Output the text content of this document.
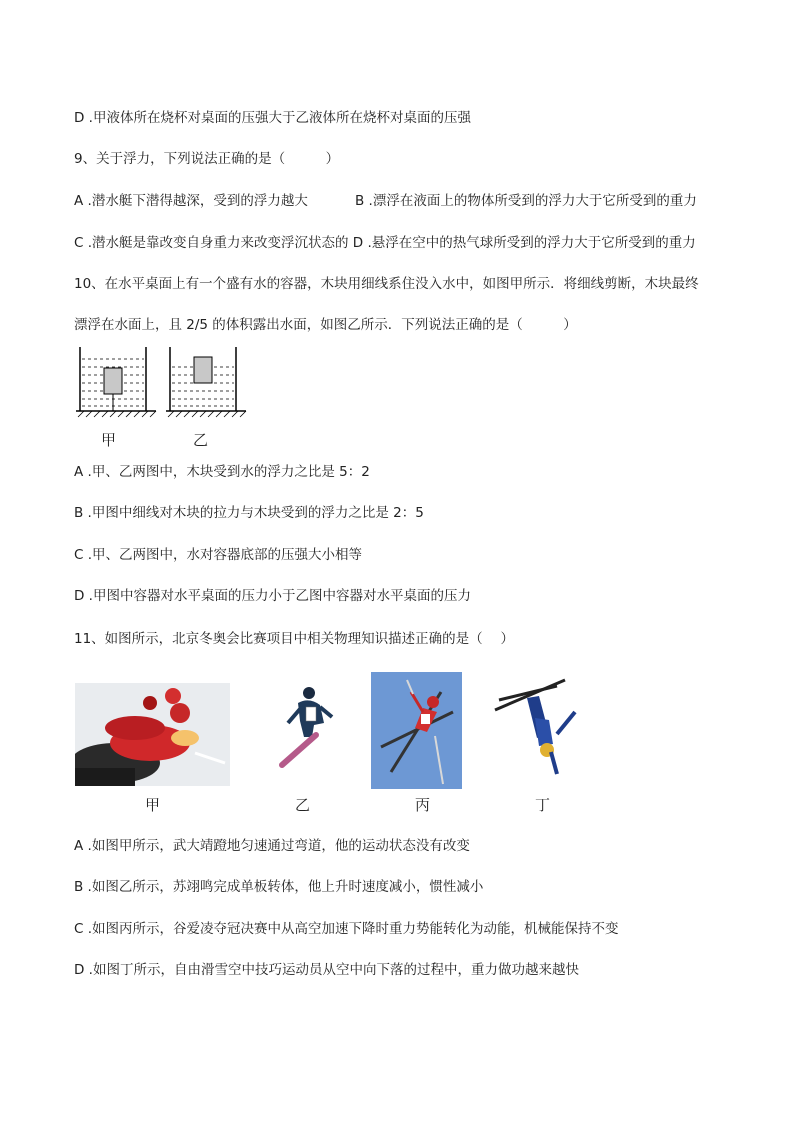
D .甲液体所在烧杯对桌面的压强大于乙液体所在烧杯对桌面的压强
9、关于浮力，下列说法正确的是（　　　）
A .潜水艇下潜得越深，受到的浮力越大	B .漂浮在液面上的物体所受到的浮力大于它所受到的重力
C .潜水艇是靠改变自身重力来改变浮沉状态的 D .悬浮在空中的热气球所受到的浮力大于它所受到的重力
10、在水平桌面上有一个盛有水的容器，木块用细线系住没入水中，如图甲所示．将细线剪断，木块最终
漂浮在水面上，且 2/5 的体积露出水面，如图乙所示．下列说法正确的是（　　　）
甲	乙
A .甲、乙两图中，木块受到水的浮力之比是 5：2
B .甲图中细线对木块的拉力与木块受到的浮力之比是 2：5
C .甲、乙两图中，水对容器底部的压强大小相等
D .甲图中容器对水平桌面的压力小于乙图中容器对水平桌面的压力
11、如图所示，北京冬奥会比赛项目中相关物理知识描述正确的是（　 ）
甲	乙	丙	丁
A .如图甲所示，武大靖蹬地匀速通过弯道，他的运动状态没有改变
B .如图乙所示，苏翊鸣完成单板转体，他上升时速度减小，惯性减小
C .如图丙所示，谷爱凌夺冠决赛中从高空加速下降时重力势能转化为动能，机械能保持不变
D .如图丁所示，自由滑雪空中技巧运动员从空中向下落的过程中，重力做功越来越快
